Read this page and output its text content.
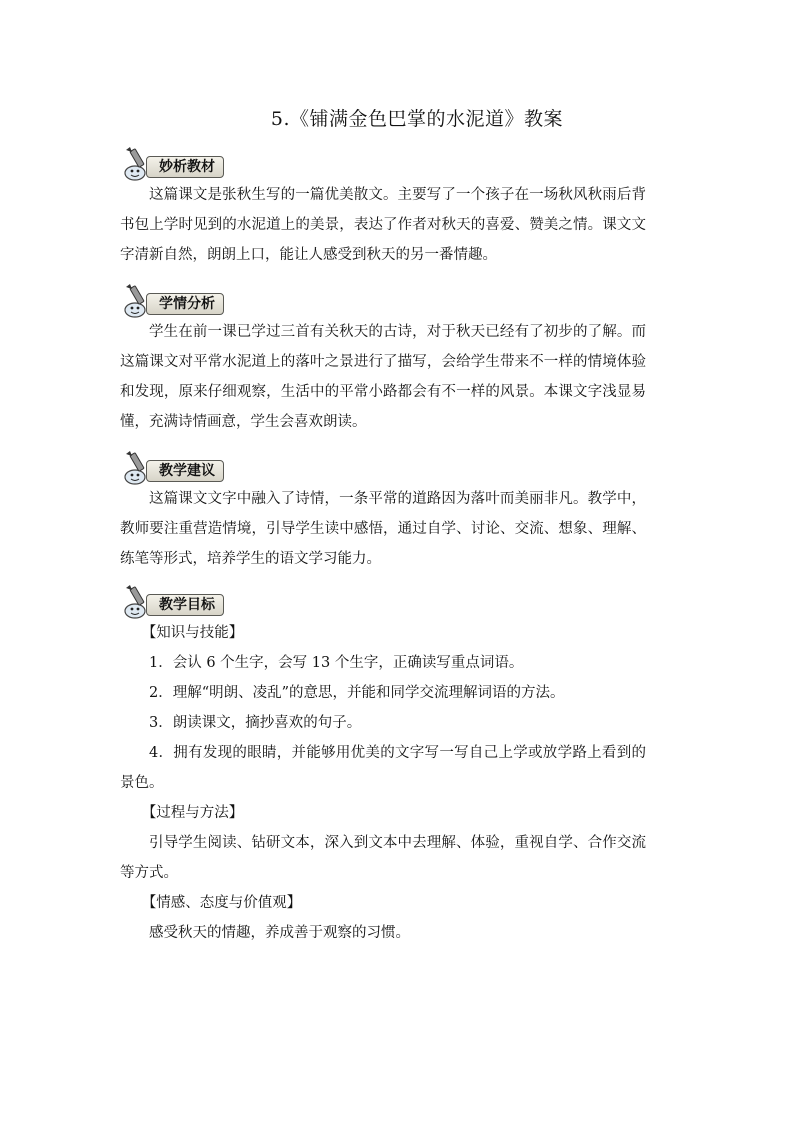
5.《铺满金色巴掌的水泥道》教案
妙析教材

这篇课文是张秋生写的一篇优美散文。主要写了一个孩子在一场秋风秋雨后背书包上学时见到的水泥道上的美景，表达了作者对秋天的喜爱、赞美之情。课文文字清新自然，朗朗上口，能让人感受到秋天的另一番情趣。

学情分析

学生在前一课已学过三首有关秋天的古诗，对于秋天已经有了初步的了解。而这篇课文对平常水泥道上的落叶之景进行了描写，会给学生带来不一样的情境体验和发现，原来仔细观察，生活中的平常小路都会有不一样的风景。本课文字浅显易懂，充满诗情画意，学生会喜欢朗读。

教学建议

这篇课文文字中融入了诗情，一条平常的道路因为落叶而美丽非凡。教学中，教师要注重营造情境，引导学生读中感悟，通过自学、讨论、交流、想象、理解、练笔等形式，培养学生的语文学习能力。

教学目标

【知识与技能】

1．会认 6 个生字，会写 13 个生字，正确读写重点词语。

2．理解“明朗、凌乱”的意思，并能和同学交流理解词语的方法。

3．朗读课文，摘抄喜欢的句子。

4．拥有发现的眼睛，并能够用优美的文字写一写自己上学或放学路上看到的景色。

【过程与方法】

引导学生阅读、钻研文本，深入到文本中去理解、体验，重视自学、合作交流等方式。

【情感、态度与价值观】

感受秋天的情趣，养成善于观察的习惯。
